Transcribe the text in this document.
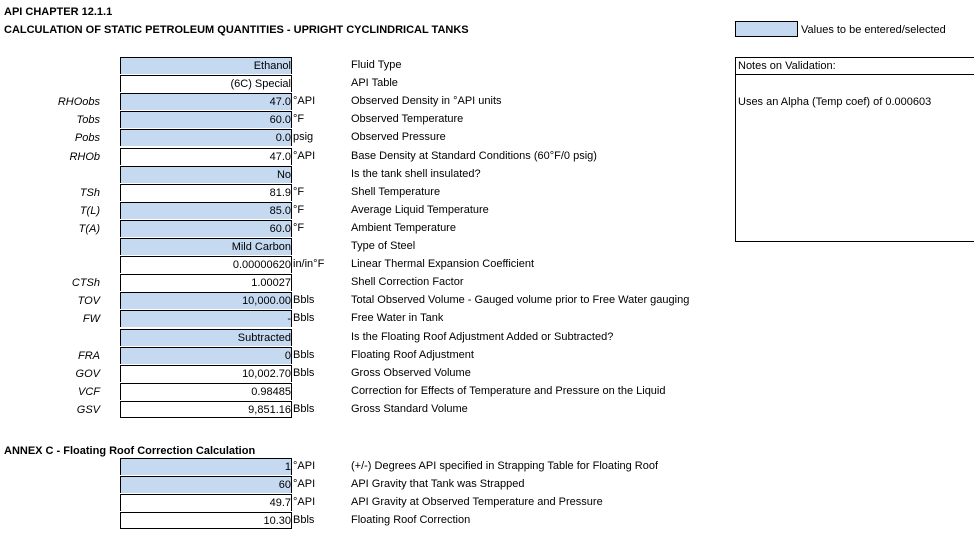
API CHAPTER 12.1.1
CALCULATION OF STATIC PETROLEUM QUANTITIES - UPRIGHT CYCLINDRICAL TANKS	Values to be entered/selected
Notes on Validation:
Uses an Alpha (Temp coef) of 0.000603
Ethanol	Fluid Type
(6C) Special	API Table
RHOobs	47.0 °API	Observed Density in °API units
Tobs	60.0 °F	Observed Temperature
Pobs	0.0 psig	Observed Pressure
RHOb	47.0 °API	Base Density at Standard Conditions (60°F/0 psig)
No	Is the tank shell insulated?
TSh	81.9 °F	Shell Temperature
T(L)	85.0 °F	Average Liquid Temperature
T(A)	60.0 °F	Ambient Temperature
Mild Carbon	Type of Steel
0.00000620 in/in°F Linear Thermal Expansion Coefficient
CTSh	1.00027	Shell Correction Factor
TOV	10,000.00 Bbls	Total Observed Volume - Gauged volume prior to Free Water gauging
FW	- Bbls	Free Water in Tank
Subtracted	Is the Floating Roof Adjustment Added or Subtracted?
FRA	0 Bbls	Floating Roof Adjustment
GOV	10,002.70 Bbls	Gross Observed Volume
VCF	0.98485	Correction for Effects of Temperature and Pressure on the Liquid
GSV	9,851.16 Bbls	Gross Standard Volume
ANNEX C - Floating Roof Correction Calculation
1 °API	(+/-) Degrees API specified in Strapping Table for Floating Roof
60 °API	API Gravity that Tank was Strapped
49.7 °API	API Gravity at Observed Temperature and Pressure
10.30 Bbls	Floating Roof Correction
